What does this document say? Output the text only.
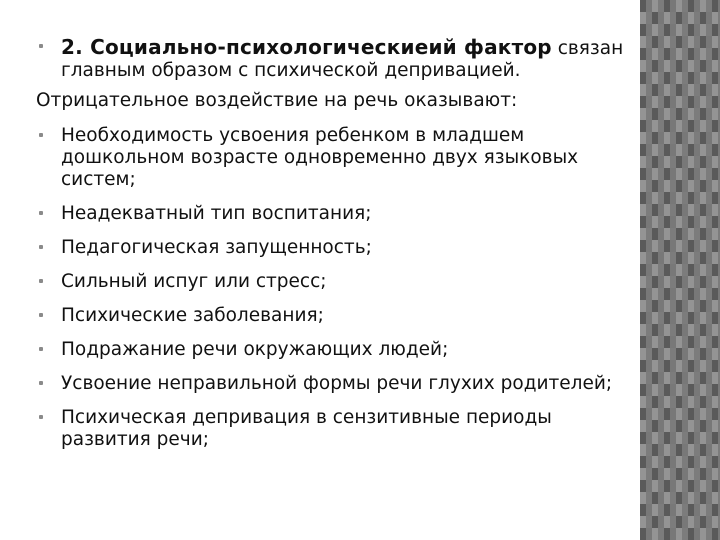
2. Социально-психологическиеий фактор связан главным образом с психической депривацией.
Отрицательное воздействие на речь оказывают:
Необходимость усвоения ребенком в младшем дошкольном возрасте одновременно двух языковых систем;
Неадекватный тип воспитания;
Педагогическая запущенность;
Сильный испуг или стресс;
Психические заболевания;
Подражание речи окружающих людей;
Усвоение неправильной формы речи глухих родителей;
Психическая депривация в сензитивные периоды развития речи;
